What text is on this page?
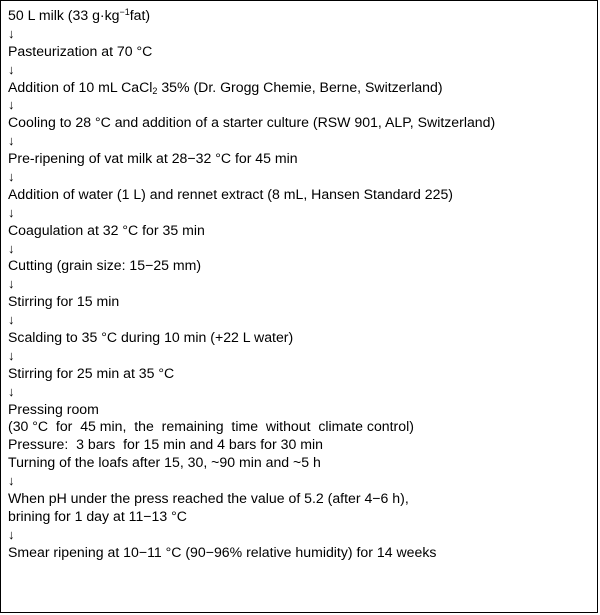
50 L milk (33 $g\cdot kg^{-1}fat$)
↓
Pasteurization at 70 °C
↓
Addition of 10 mL CaCl$_2$ 35% (Dr. Grogg Chemie, Berne, Switzerland)
↓
Cooling to 28 °C and addition of a starter culture (RSW 901, ALP, Switzerland)
↓
Pre-ripening of vat milk at 28−32 °C for 45 min
↓
Addition of water (1 L) and rennet extract (8 mL, Hansen Standard 225)
↓
Coagulation at 32 °C for 35 min
↓
Cutting (grain size: 15−25 mm)
↓
Stirring for 15 min
↓
Scalding to 35 °C during 10 min (+22 L water)
↓
Stirring for 25 min at 35 °C
↓
Pressing room
(30 °C  for  45 min,  the  remaining  time  without  climate control)
Pressure:  3 bars  for 15 min and 4 bars for 30 min
Turning of the loafs after 15, 30, ~90 min and ~5 h
↓
When pH under the press reached the value of 5.2 (after 4−6 h),
brining for 1 day at 11−13 °C
↓
Smear ripening at 10−11 °C (90−96% relative humidity) for 14 weeks
